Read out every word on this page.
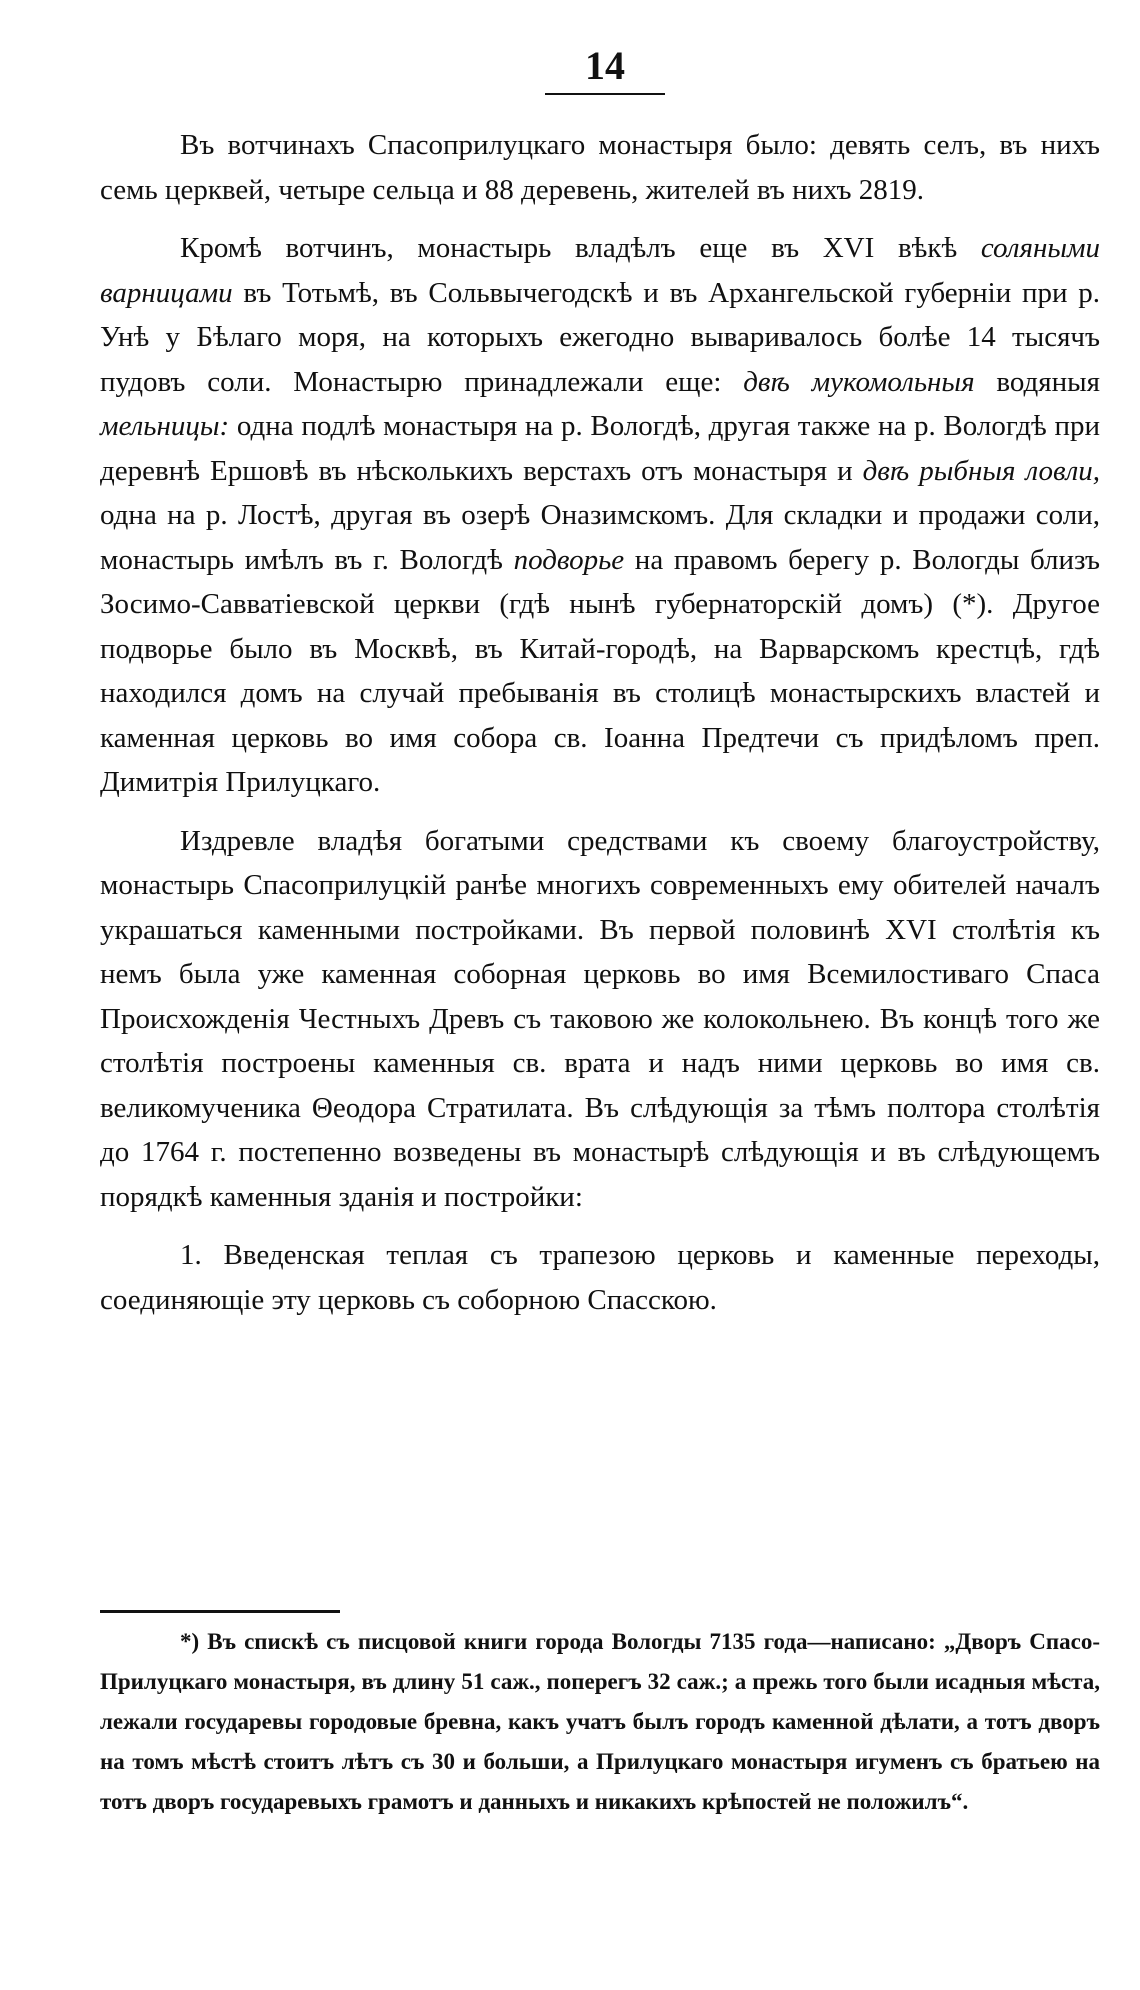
14

Въ вотчинахъ Спасоприлуцкаго монастыря было: девять селъ, въ нихъ семь церквей, четыре сельца и 88 деревень, жителей въ нихъ 2819.

Кромѣ вотчинъ, монастырь владѣлъ еще въ XVI вѣкѣ соляными варницами въ Тотьмѣ, въ Сольвычегодскѣ и въ Архангельской губерніи при р. Унѣ у Бѣлаго моря, на которыхъ ежегодно вываривалось болѣе 14 тысячъ пудовъ соли. Монастырю принадлежали еще: двѣ мукомольныя водяныя мельницы: одна подлѣ монастыря на р. Вологдѣ, другая также на р. Вологдѣ при деревнѣ Ершовѣ въ нѣсколькихъ верстахъ отъ монастыря и двѣ рыбныя ловли, одна на р. Лостѣ, другая въ озерѣ Оназимскомъ. Для складки и продажи соли, монастырь имѣлъ въ г. Вологдѣ подворье на правомъ берегу р. Вологды близъ Зосимо-Савватіевской церкви (гдѣ нынѣ губернаторскій домъ) (*). Другое подворье было въ Москвѣ, въ Китай-городѣ, на Варварскомъ крестцѣ, гдѣ находился домъ на случай пребыванія въ столицѣ монастырскихъ властей и каменная церковь во имя собора св. Іоанна Предтечи съ придѣломъ преп. Димитрія Прилуцкаго.

Издревле владѣя богатыми средствами къ своему благоустройству, монастырь Спасоприлуцкій ранѣе многихъ современныхъ ему обителей началъ украшаться каменными постройками. Въ первой половинѣ XVI столѣтія къ немъ была уже каменная соборная церковь во имя Всемилостиваго Спаса Происхожденія Честныхъ Древъ съ таковою же колокольнею. Въ концѣ того же столѣтія построены каменныя св. врата и надъ ними церковь во имя св. великомученика Θеодора Стратилата. Въ слѣдующія за тѣмъ полтора столѣтія до 1764 г. постепенно возведены въ монастырѣ слѣдующія и въ слѣдующемъ порядкѣ каменныя зданія и постройки:

1. Введенская теплая съ трапезою церковь и каменные переходы, соединяющіе эту церковь съ соборною Спасскою.

*) Въ спискѣ съ писцовой книги города Вологды 7135 года—написано: „Дворъ Спасо-Прилуцкаго монастыря, въ длину 51 саж., поперегъ 32 саж.; а прежь того были исадныя мѣста, лежали государевы городовые бревна, какъ учатъ былъ городъ каменной дѣлати, а тотъ дворъ на томъ мѣстѣ стоитъ лѣтъ съ 30 и больши, а Прилуцкаго монастыря игуменъ съ братьею на тотъ дворъ государевыхъ грамотъ и данныхъ и никакихъ крѣпостей не положилъ“.
